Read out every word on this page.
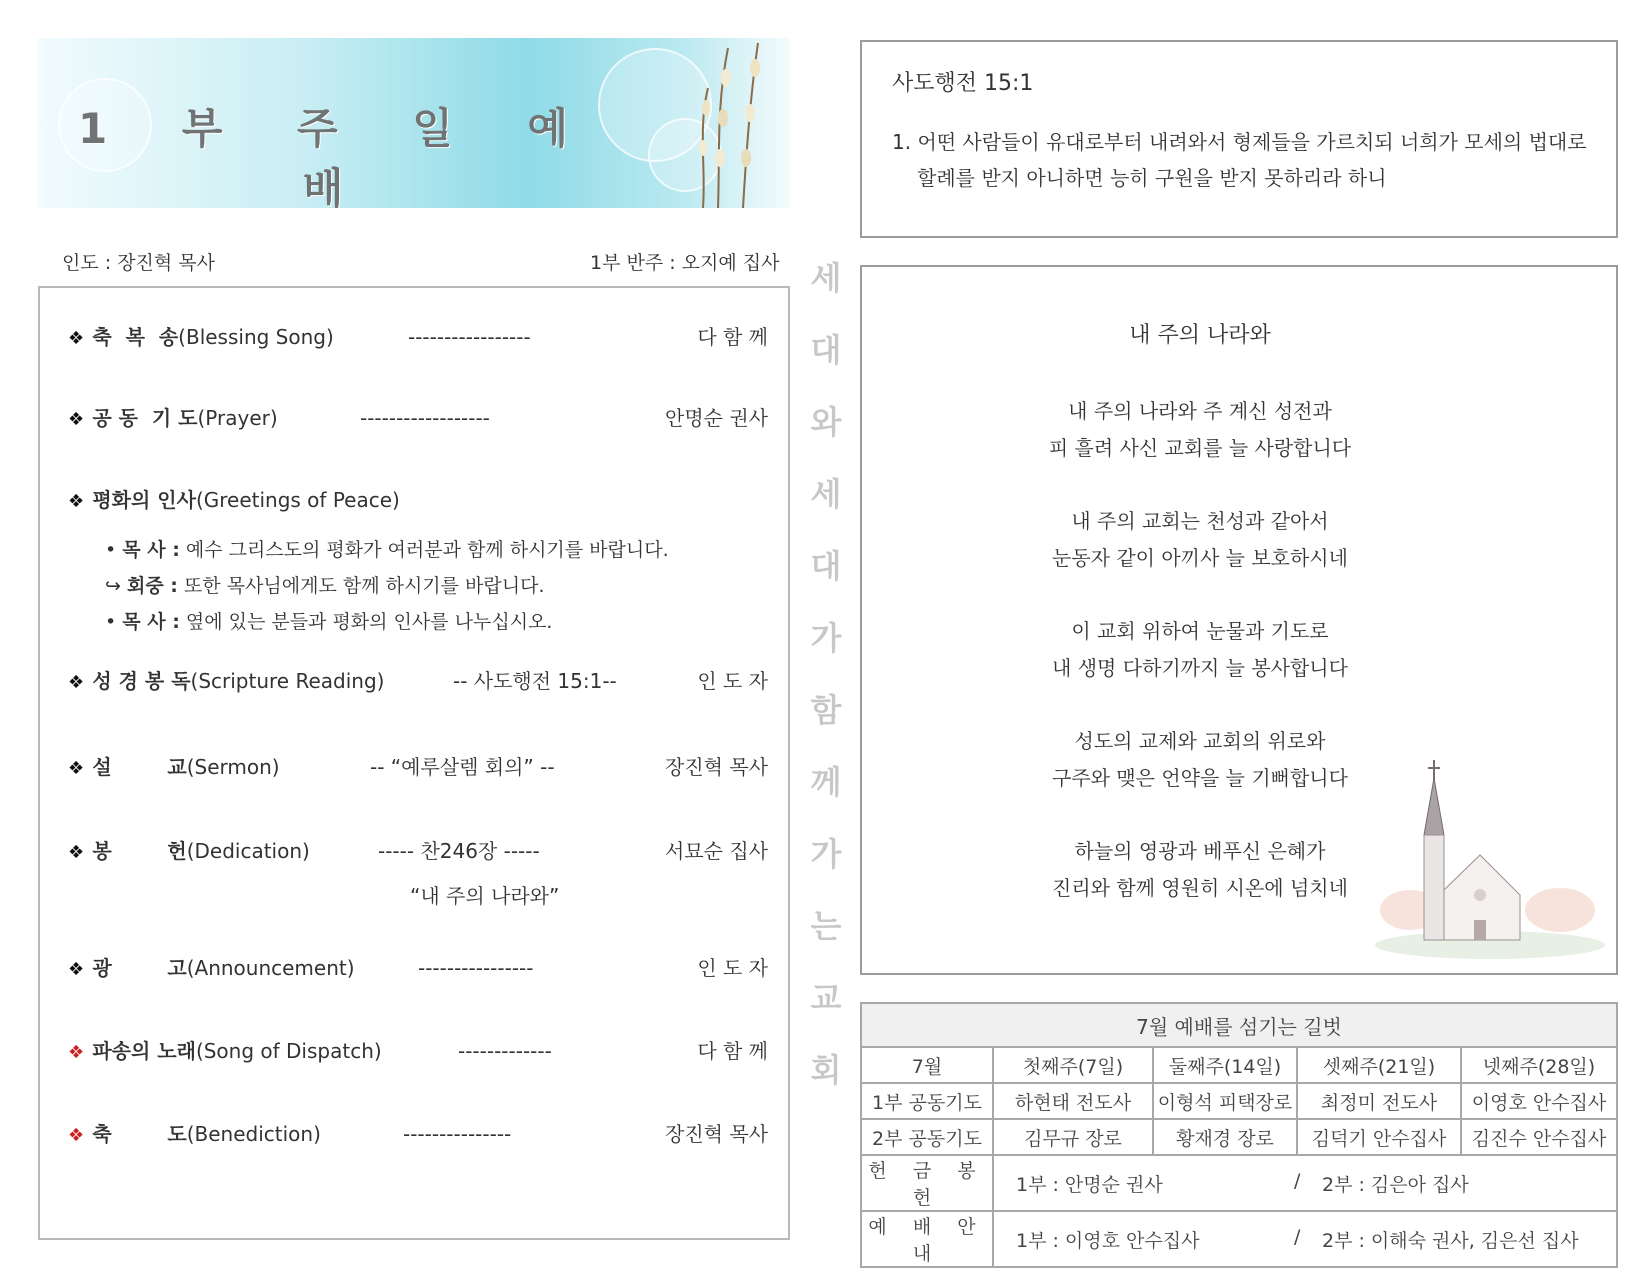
1 부 주 일 예 배
인도 : 장진혁 목사	1부 반주 : 오지예 집사
❖ 축  복  송(Blessing Song)	-----------------	다 함 께
❖ 공 동  기 도(Prayer)	------------------	안명순 권사
❖ 평화의 인사(Greetings of Peace)
• 목 사 : 예수 그리스도의 평화가 여러분과 함께 하시기를 바랍니다.
↪ 회중 : 또한 목사님에게도 함께 하시기를 바랍니다.
• 목 사 : 옆에 있는 분들과 평화의 인사를 나누십시오.
❖ 성 경 봉 독(Scripture Reading)	-- 사도행전 15:1--	인 도 자
❖ 설        교(Sermon)	-- “예루살렘 회의” --	장진혁 목사
❖ 봉        헌(Dedication)	----- 찬246장 -----	서묘순 집사
“내 주의 나라와”
❖ 광        고(Announcement)	----------------	인 도 자
❖ 파송의 노래(Song of Dispatch)	-------------	다 함 께
❖ 축        도(Benediction)	---------------	장진혁 목사
세
대
와
세
대
가
함
께
가
는
교
회
사도행전 15:1
1. 어떤 사람들이 유대로부터 내려와서 형제들을 가르치되 너희가 모세의 법대로
할례를 받지 아니하면 능히 구원을 받지 못하리라 하니
내 주의 나라와
내 주의 나라와 주 계신 성전과
피 흘려 사신 교회를 늘 사랑합니다
내 주의 교회는 천성과 같아서
눈동자 같이 아끼사 늘 보호하시네
이 교회 위하여 눈물과 기도로
내 생명 다하기까지 늘 봉사합니다
성도의 교제와 교회의 위로와
구주와 맺은 언약을 늘 기뻐합니다
하늘의 영광과 베푸신 은혜가
진리와 함께 영원히 시온에 넘치네
7월 예배를 섬기는 길벗				
7월	첫째주(7일)	둘째주(14일)	셋째주(21일)	넷째주(28일)
1부 공동기도	하현태 전도사	이형석 피택장로	최정미 전도사	이영호 안수집사
2부 공동기도	김무규 장로	황재경 장로	김덕기 안수집사	김진수 안수집사
헌 금 봉 헌	1부 : 안명순 권사 / 2부 : 김은아 집사			

예 배 안 내	1부 : 이영호 안수집사 / 2부 : 이해숙 권사, 김은선 집사			
